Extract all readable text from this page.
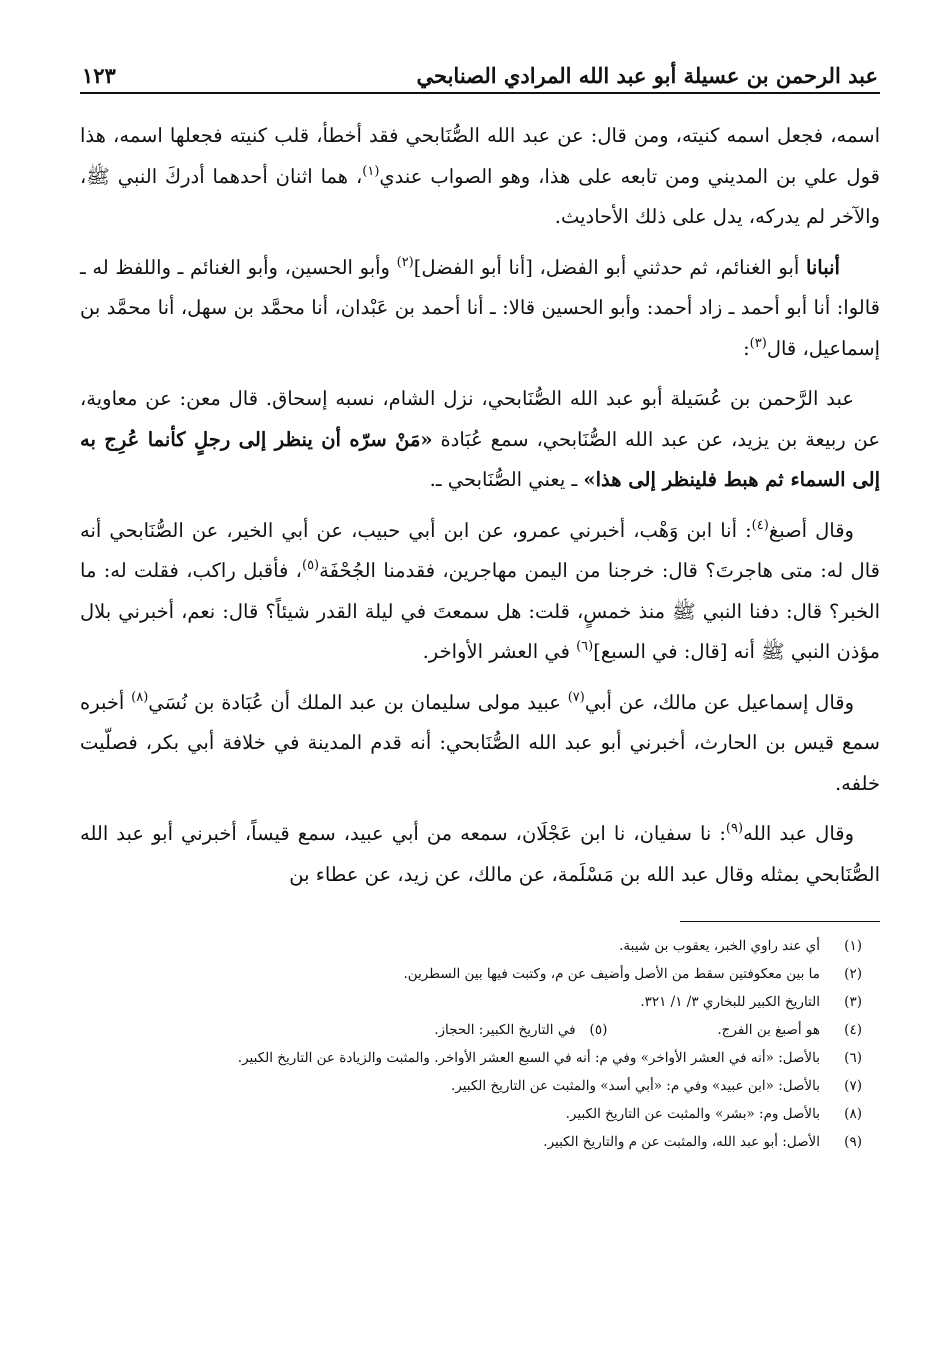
عبد الرحمن بن عسيلة أبو عبد الله المرادي الصنابحي
١٢٣

اسمه، فجعل اسمه كنيته، ومن قال: عن عبد الله الصُّنَابحي فقد أخطأ، قلب كنيته فجعلها اسمه، هذا قول علي بن المديني ومن تابعه على هذا، وهو الصواب عندي$^{(١)}$، هما اثنان أحدهما أدركَ النبي ﷺ، والآخر لم يدركه، يدل على ذلك الأحاديث.

أنبانا أبو الغنائم، ثم حدثني أبو الفضل، [أنا أبو الفضل]$^{(٢)}$ وأبو الحسين، وأبو الغنائم ـ واللفظ له ـ قالوا: أنا أبو أحمد ـ زاد أحمد: وأبو الحسين قالا: ـ أنا أحمد بن عَبْدان، أنا محمَّد بن سهل، أنا محمَّد بن إسماعيل، قال$^{(٣)}$:

عبد الرَّحمن بن عُسَيلة أبو عبد الله الصُّنَابحي، نزل الشام، نسبه إسحاق. قال معن: عن معاوية، عن ربيعة بن يزيد، عن عبد الله الصُّنَابحي، سمع عُبَادة «مَنْ سرّه أن ينظر إلى رجلٍ كأنما عُرِج به إلى السماء ثم هبط فلينظر إلى هذا» ـ يعني الصُّنَابحي ـ.

وقال أصبغ$^{(٤)}$: أنا ابن وَهْب، أخبرني عمرو، عن ابن أبي حبيب، عن أبي الخير، عن الصُّنَابحي أنه قال له: متى هاجرتَ؟ قال: خرجنا من اليمن مهاجرين، فقدمنا الجُحْفَة$^{(٥)}$، فأقبل راكب، فقلت له: ما الخبر؟ قال: دفنا النبي ﷺ منذ خمسٍ، قلت: هل سمعتَ في ليلة القدر شيئاً؟ قال: نعم، أخبرني بلال مؤذن النبي ﷺ أنه [قال: في السبع]$^{(٦)}$ في العشر الأواخر.

وقال إسماعيل عن مالك، عن أبي$^{(٧)}$ عبيد مولى سليمان بن عبد الملك أن عُبَادة بن نُسَي$^{(٨)}$ أخبره سمع قيس بن الحارث، أخبرني أبو عبد الله الصُّنَابحي: أنه قدم المدينة في خلافة أبي بكر، فصلّيت خلفه.

وقال عبد الله$^{(٩)}$: نا سفيان، نا ابن عَجْلَان، سمعه من أبي عبيد، سمع قيساً، أخبرني أبو عبد الله الصُّنَابحي بمثله وقال عبد الله بن مَسْلَمة، عن مالك، عن زيد، عن عطاء بن

(١)
أي عند راوي الخبر، يعقوب بن شيبة.
(٢)
ما بين معكوفتين سقط من الأصل وأضيف عن م، وكتبت فيها بين السطرين.
(٣)
التاريخ الكبير للبخاري ٣/ ١/ ٣٢١.
(٤)
هو أصبغ بن الفرج.
(٥)
في التاريخ الكبير: الحجاز.
(٦)
بالأصل: «أنه في العشر الأواخر» وفي م: أنه في السبع العشر الأواخر. والمثبت والزيادة عن التاريخ الكبير.
(٧)
بالأصل: «ابن عبيد» وفي م: «أبي أسد» والمثبت عن التاريخ الكبير.
(٨)
بالأصل وم: «بشر» والمثبت عن التاريخ الكبير.
(٩)
الأصل: أبو عبد الله، والمثبت عن م والتاريخ الكبير.
